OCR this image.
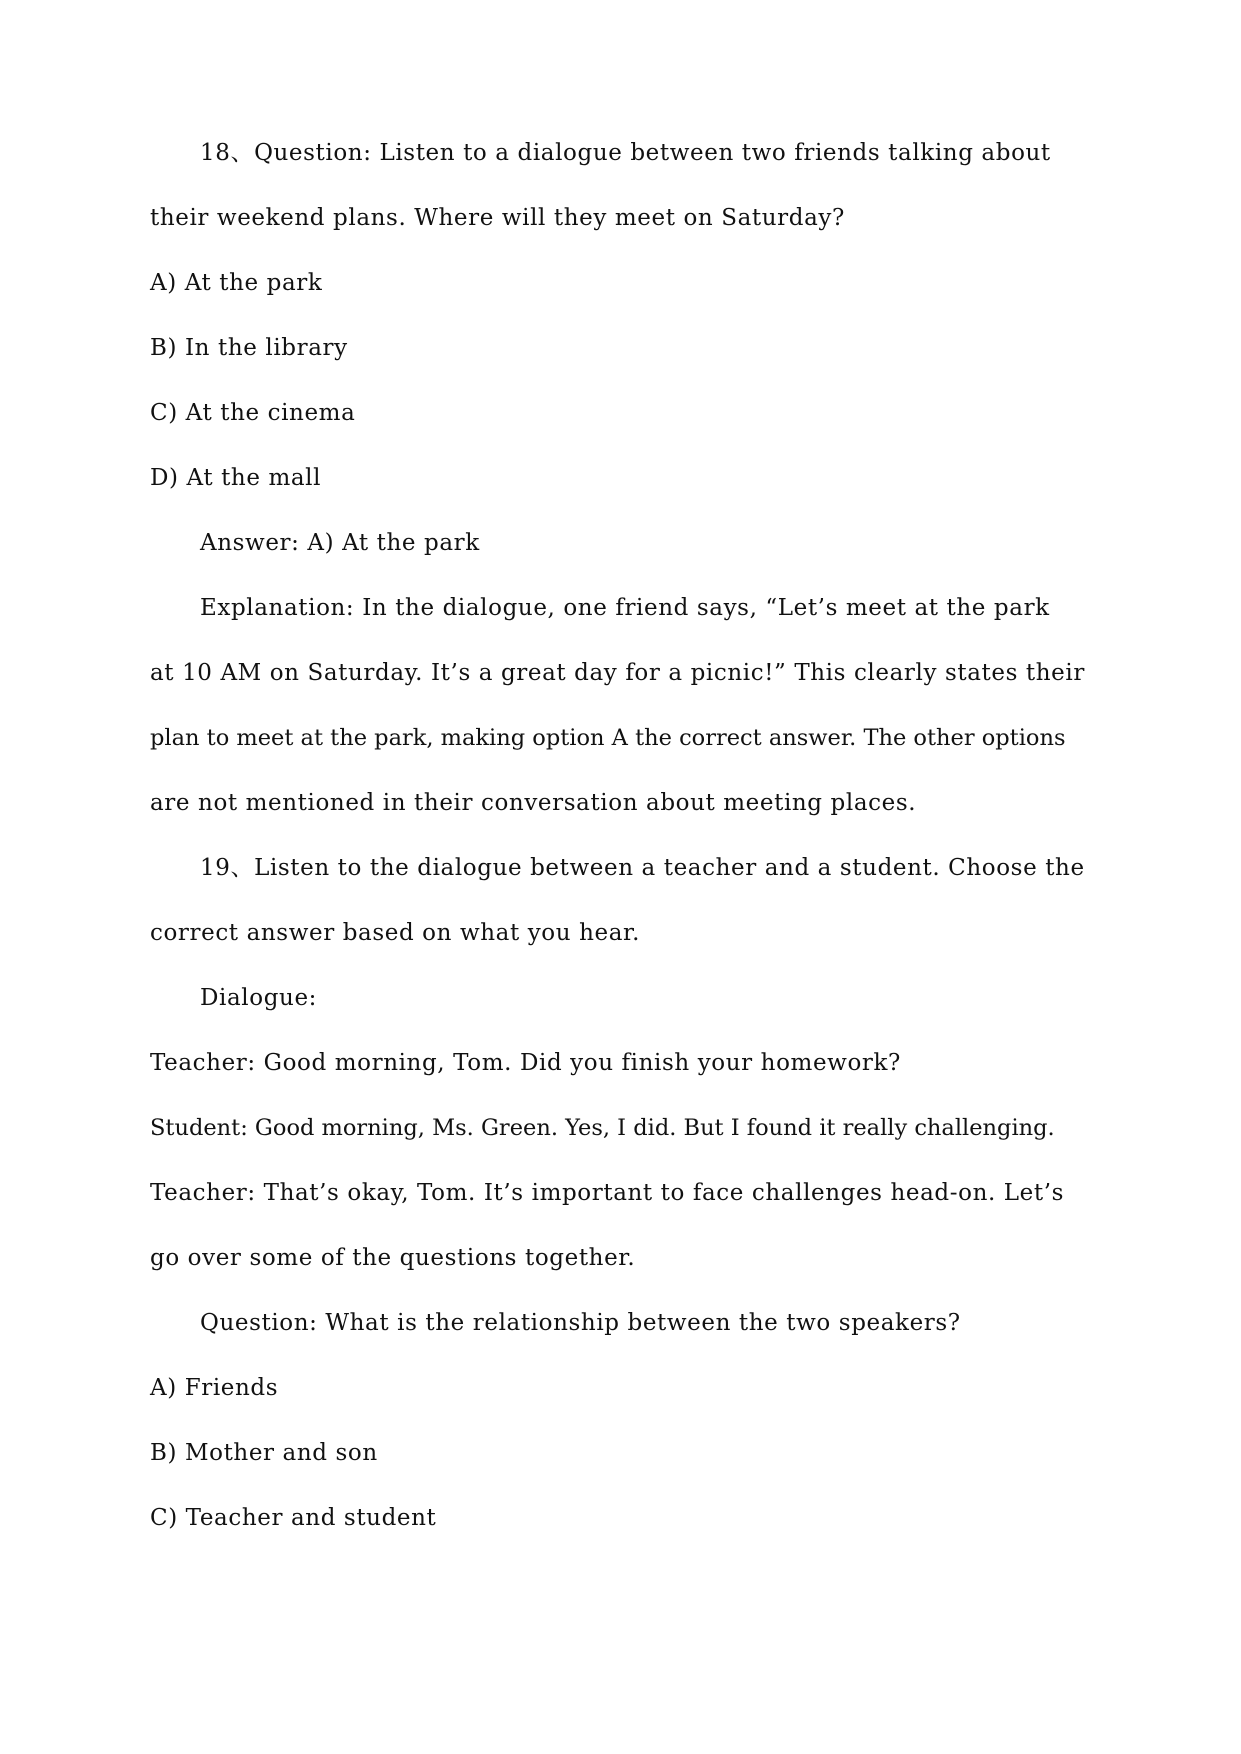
18、Question: Listen to a dialogue between two friends talking about
their weekend plans. Where will they meet on Saturday?
A) At the park
B) In the library
C) At the cinema
D) At the mall
Answer: A) At the park
Explanation: In the dialogue, one friend says, “Let’s meet at the park
at 10 AM on Saturday. It’s a great day for a picnic!” This clearly states their
plan to meet at the park, making option A the correct answer. The other options
are not mentioned in their conversation about meeting places.
19、Listen to the dialogue between a teacher and a student. Choose the
correct answer based on what you hear.
Dialogue:
Teacher: Good morning, Tom. Did you finish your homework?
Student: Good morning, Ms. Green. Yes, I did. But I found it really challenging.
Teacher: That’s okay, Tom. It’s important to face challenges head-on. Let’s
go over some of the questions together.
Question: What is the relationship between the two speakers?
A) Friends
B) Mother and son
C) Teacher and student
